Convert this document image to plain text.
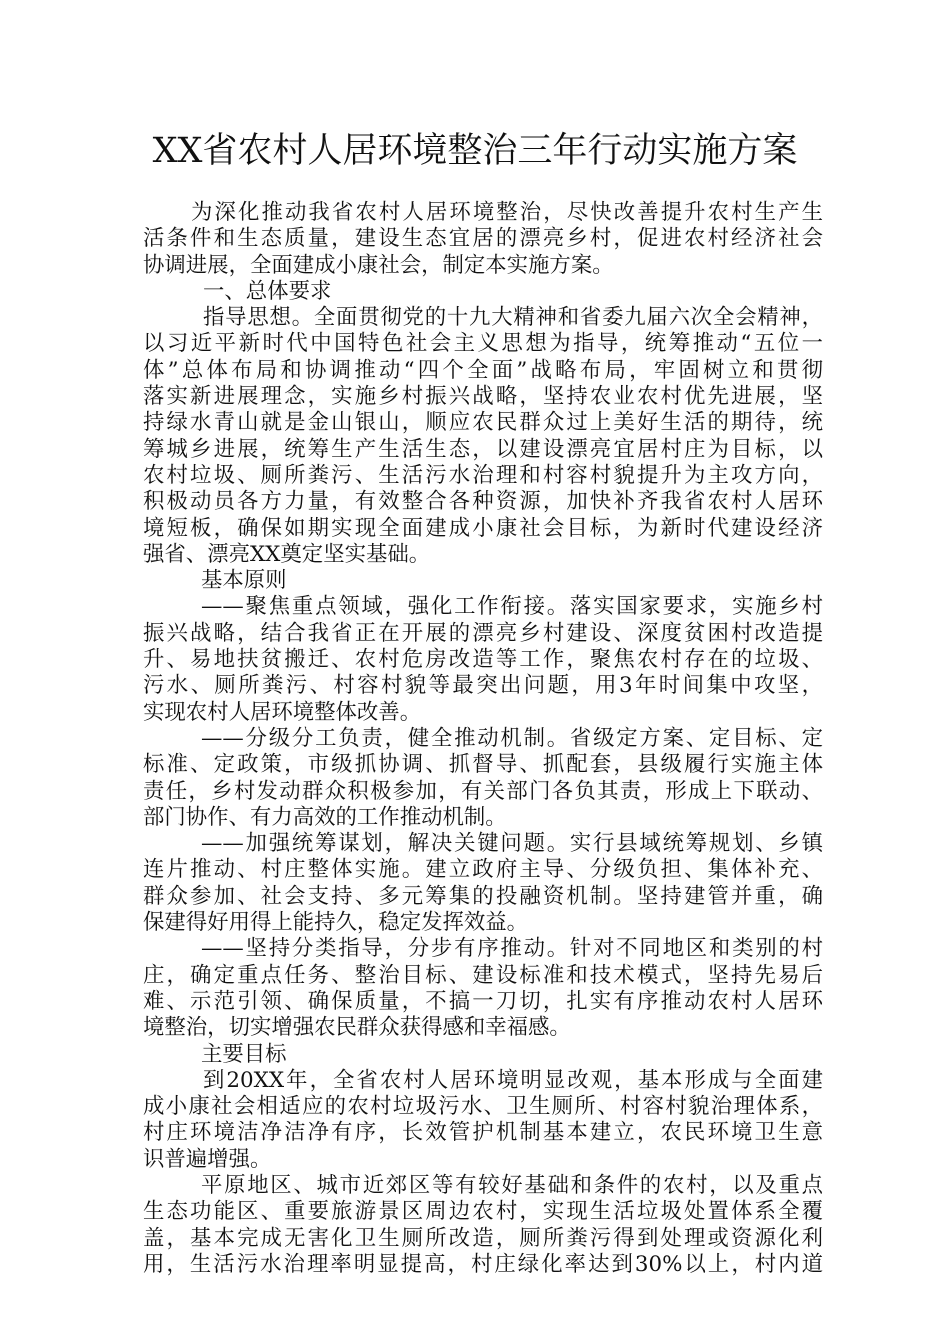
XX省农村人居环境整治三年行动实施方案
为深化推动我省农村人居环境整治，尽快改善提升农村生产生
活条件和生态质量，建设生态宜居的漂亮乡村，促进农村经济社会
协调进展，全面建成小康社会，制定本实施方案。
一、总体要求
指导思想。全面贯彻党的十九大精神和省委九届六次全会精神，
以习近平新时代中国特色社会主义思想为指导，统筹推动“五位一
体”总体布局和协调推动“四个全面”战略布局，牢固树立和贯彻
落实新进展理念，实施乡村振兴战略，坚持农业农村优先进展，坚
持绿水青山就是金山银山，顺应农民群众过上美好生活的期待，统
筹城乡进展，统筹生产生活生态，以建设漂亮宜居村庄为目标，以
农村垃圾、厕所粪污、生活污水治理和村容村貌提升为主攻方向，
积极动员各方力量，有效整合各种资源，加快补齐我省农村人居环
境短板，确保如期实现全面建成小康社会目标，为新时代建设经济
强省、漂亮XX奠定坚实基础。
基本原则
——聚焦重点领域，强化工作衔接。落实国家要求，实施乡村
振兴战略，结合我省正在开展的漂亮乡村建设、深度贫困村改造提
升、易地扶贫搬迁、农村危房改造等工作，聚焦农村存在的垃圾、
污水、厕所粪污、村容村貌等最突出问题，用3年时间集中攻坚，
实现农村人居环境整体改善。
——分级分工负责，健全推动机制。省级定方案、定目标、定
标准、定政策，市级抓协调、抓督导、抓配套，县级履行实施主体
责任，乡村发动群众积极参加，有关部门各负其责，形成上下联动、
部门协作、有力高效的工作推动机制。
——加强统筹谋划，解决关键问题。实行县域统筹规划、乡镇
连片推动、村庄整体实施。建立政府主导、分级负担、集体补充、
群众参加、社会支持、多元筹集的投融资机制。坚持建管并重，确
保建得好用得上能持久，稳定发挥效益。
——坚持分类指导，分步有序推动。针对不同地区和类别的村
庄，确定重点任务、整治目标、建设标准和技术模式，坚持先易后
难、示范引领、确保质量，不搞一刀切，扎实有序推动农村人居环
境整治，切实增强农民群众获得感和幸福感。
主要目标
到20XX年，全省农村人居环境明显改观，基本形成与全面建
成小康社会相适应的农村垃圾污水、卫生厕所、村容村貌治理体系，
村庄环境洁净洁净有序，长效管护机制基本建立，农民环境卫生意
识普遍增强。
平原地区、城市近郊区等有较好基础和条件的农村，以及重点
生态功能区、重要旅游景区周边农村，实现生活垃圾处置体系全覆
盖，基本完成无害化卫生厕所改造，厕所粪污得到处理或资源化利
用，生活污水治理率明显提高，村庄绿化率达到30%以上，村内道
